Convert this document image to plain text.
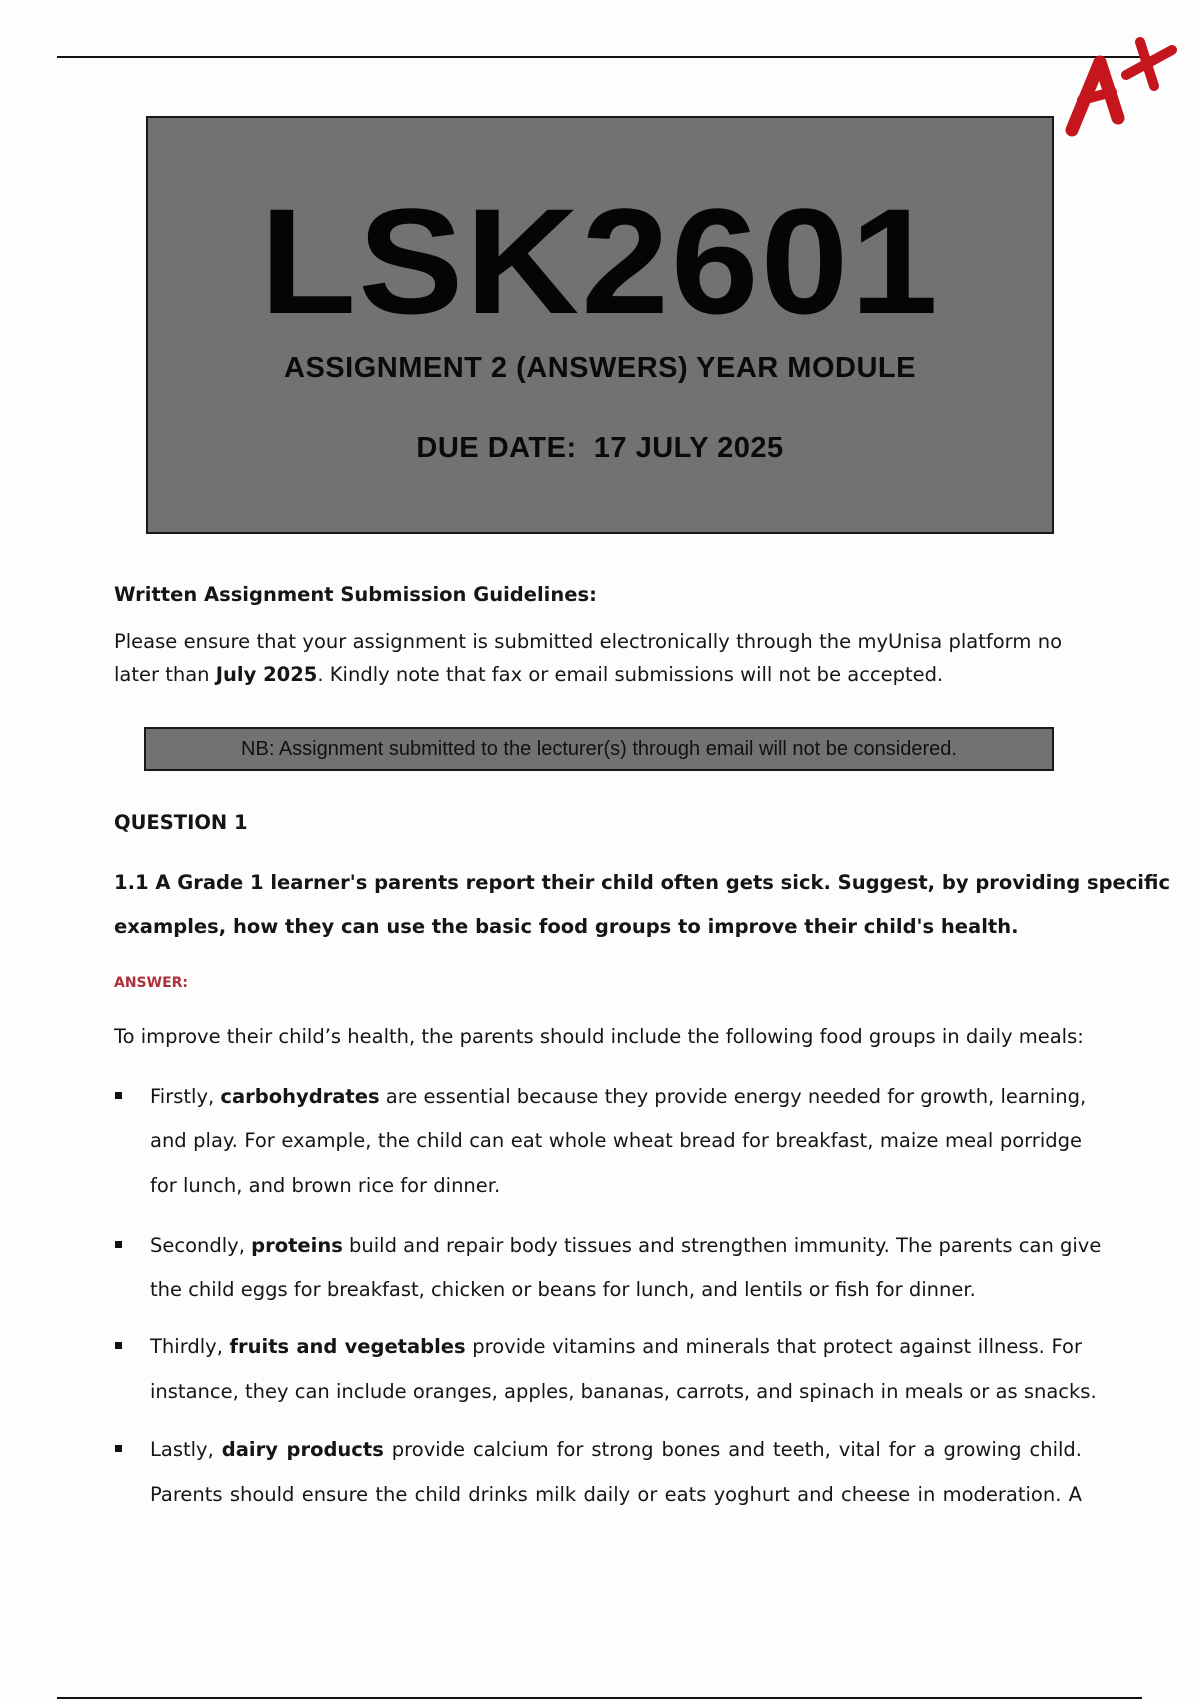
LSK2601
ASSIGNMENT 2 (ANSWERS) YEAR MODULE
DUE DATE:  17 JULY 2025
Written Assignment Submission Guidelines:
Please ensure that your assignment is submitted electronically through the myUnisa platform no
later than July 2025. Kindly note that fax or email submissions will not be accepted.
NB: Assignment submitted to the lecturer(s) through email will not be considered.
QUESTION 1
1.1 A Grade 1 learner's parents report their child often gets sick. Suggest, by providing specific
examples, how they can use the basic food groups to improve their child's health.
ANSWER:
To improve their child’s health, the parents should include the following food groups in daily meals:
Firstly, carbohydrates are essential because they provide energy needed for growth, learning,
and play. For example, the child can eat whole wheat bread for breakfast, maize meal porridge
for lunch, and brown rice for dinner.
Secondly, proteins build and repair body tissues and strengthen immunity. The parents can give
the child eggs for breakfast, chicken or beans for lunch, and lentils or fish for dinner.
Thirdly, fruits and vegetables provide vitamins and minerals that protect against illness. For
instance, they can include oranges, apples, bananas, carrots, and spinach in meals or as snacks.
Lastly, dairy products provide calcium for strong bones and teeth, vital for a growing child.
Parents should ensure the child drinks milk daily or eats yoghurt and cheese in moderation. A
